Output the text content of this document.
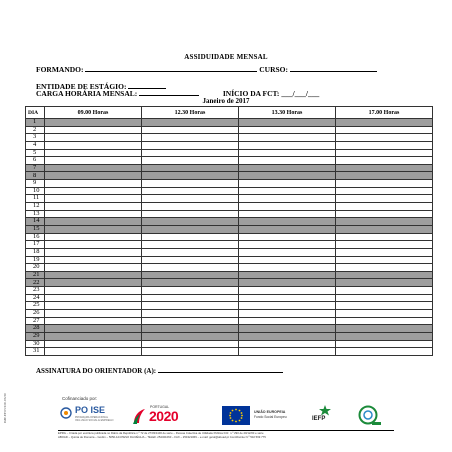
ASSIDUIDADE MENSAL
FORMANDO:	CURSO:
ENTIDADE DE ESTÁGIO:
CARGA HORÁRIA MENSAL:	INÍCIO DA FCT: ___/___/___
Janeiro de 2017
DIA	09.00 Horas	12.30 Horas	13.30 Horas	17.00 Horas
1				
2				
3				
4				
5				
6				
7				
8				
9				
10				
11				
12				
13				
14				
15				
16				
17				
18				
19				
20				
21				
22				
23				
24				
25				
26				
27				
28				
29				
30				
31				
ASSINATURA DO ORIENTADOR (A):
IMP.EF.65/100.06/30	Cofinanciado por:
PO ISE
PROGRAMA OPERACIONAL INCLUSÃO SOCIAL E EMPREGO
PORTUGAL
2020	UNIÃO EUROPEIA
Fundo Social Europeu	IEFP
EPRG – Criada por escritura publicada no Diário da República n.º 72 de 27/03/1100 de série – Pessoa Colectiva de Utilidade Pública D.R. n.º 290 de 20/12/00 e série
ABOAD – Quinta de Romeira – Godim – 5050-124 PESO DA RÉGUA – TELEF. 254321060 – FAX – 254321069 – e-mail: geral@aboad.pt Contribuinte N.º 502 569 775
